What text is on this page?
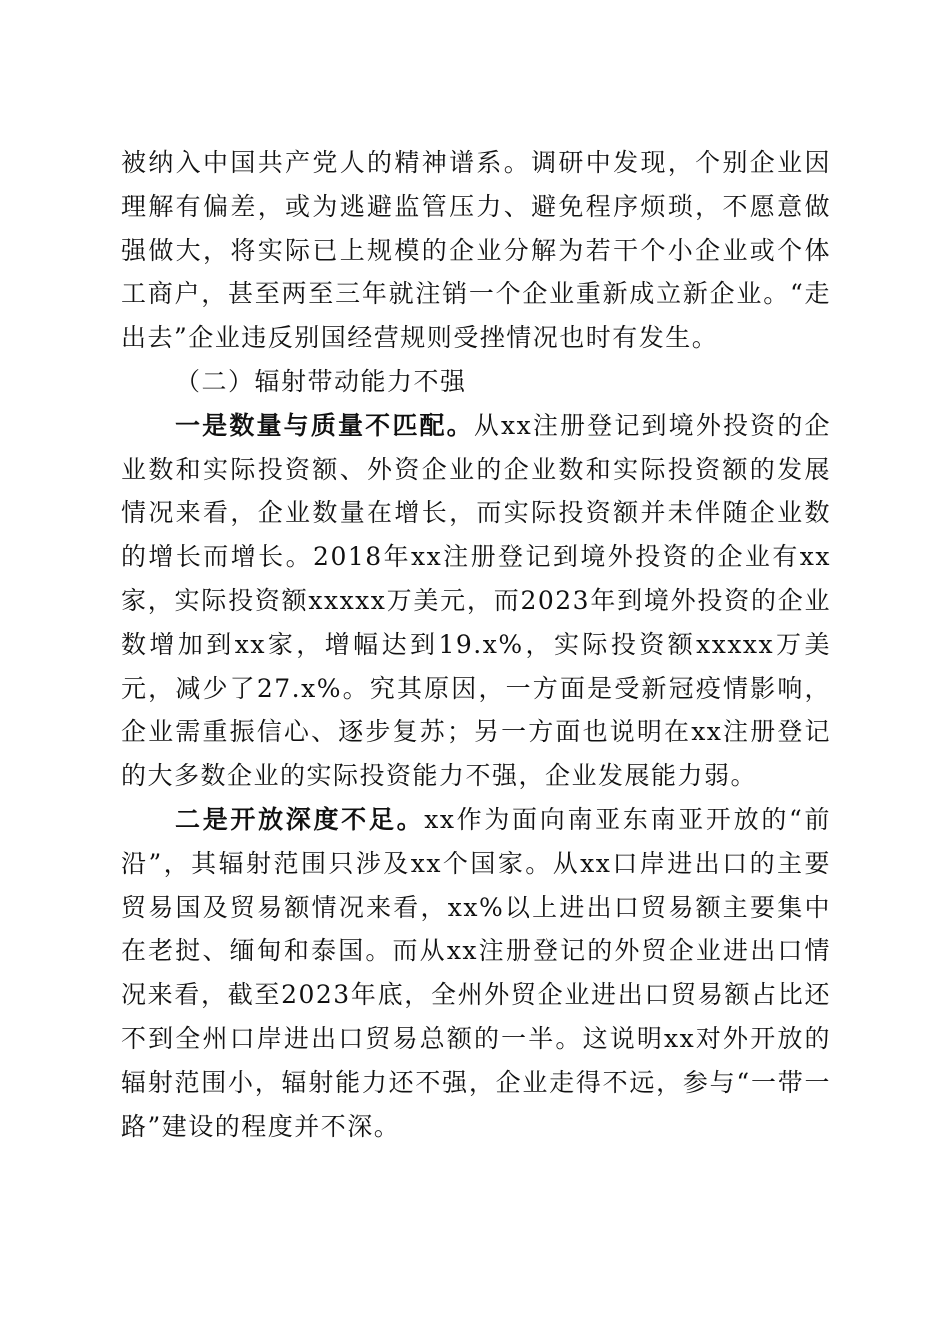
被纳入中国共产党人的精神谱系。调研中发现，个别企业因理解有偏差，或为逃避监管压力、避免程序烦琐，不愿意做强做大，将实际已上规模的企业分解为若干个小企业或个体工商户，甚至两至三年就注销一个企业重新成立新企业。“走出去”企业违反别国经营规则受挫情况也时有发生。

（二）辐射带动能力不强

一是数量与质量不匹配。从xx注册登记到境外投资的企业数和实际投资额、外资企业的企业数和实际投资额的发展情况来看，企业数量在增长，而实际投资额并未伴随企业数的增长而增长。2018年xx注册登记到境外投资的企业有xx家，实际投资额xxxxx万美元，而2023年到境外投资的企业数增加到xx家，增幅达到19.x%，实际投资额xxxxx万美元，减少了27.x%。究其原因，一方面是受新冠疫情影响，企业需重振信心、逐步复苏；另一方面也说明在xx注册登记的大多数企业的实际投资能力不强，企业发展能力弱。

二是开放深度不足。xx作为面向南亚东南亚开放的“前沿”，其辐射范围只涉及xx个国家。从xx口岸进出口的主要贸易国及贸易额情况来看，xx%以上进出口贸易额主要集中在老挝、缅甸和泰国。而从xx注册登记的外贸企业进出口情况来看，截至2023年底，全州外贸企业进出口贸易额占比还不到全州口岸进出口贸易总额的一半。这说明xx对外开放的辐射范围小，辐射能力还不强，企业走得不远，参与“一带一路”建设的程度并不深。
